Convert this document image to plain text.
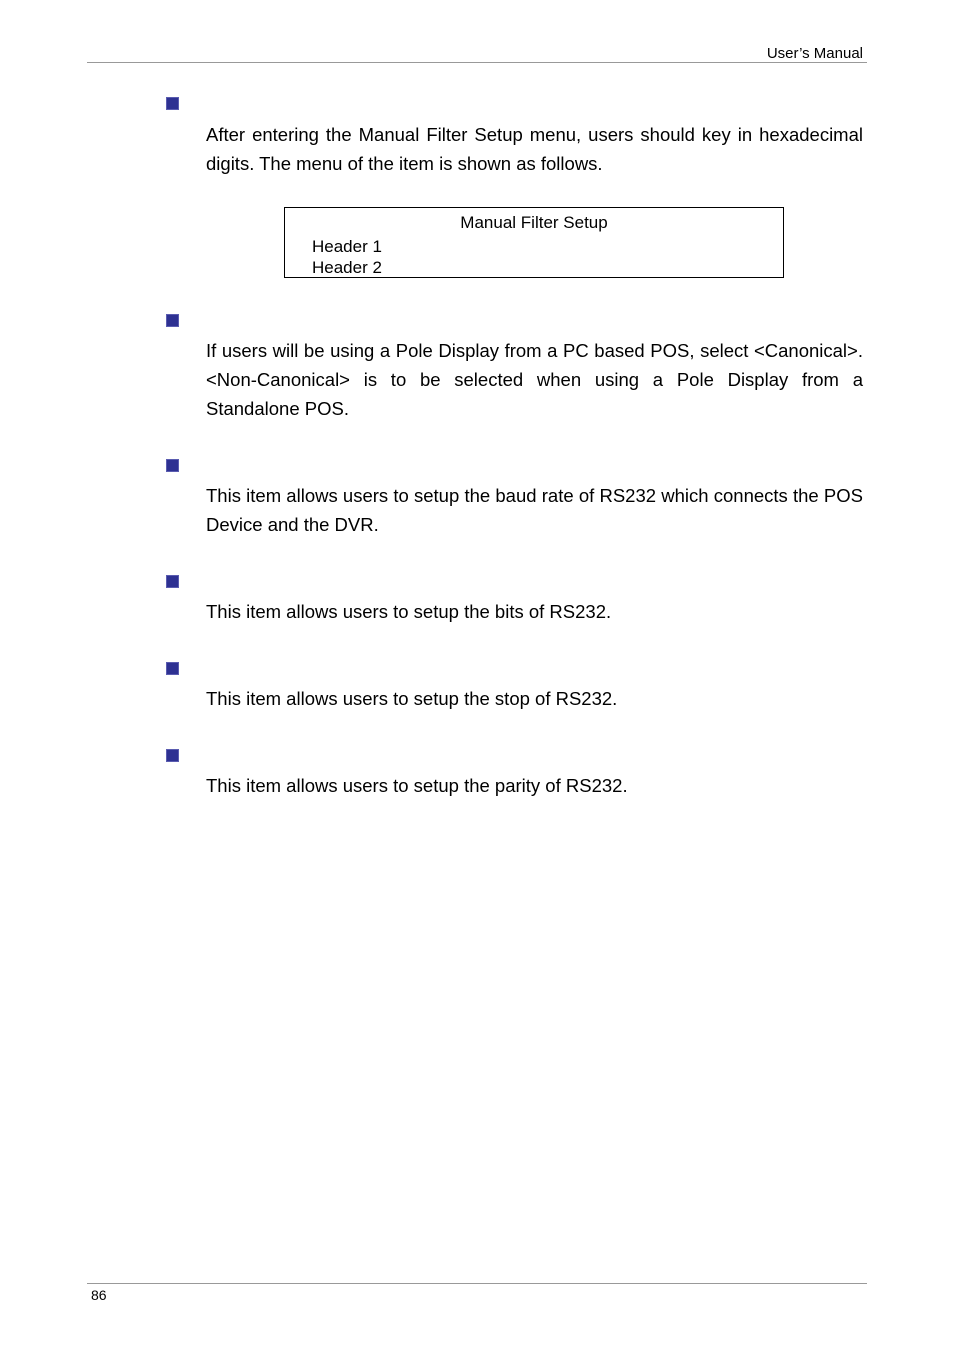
User’s Manual

After entering the Manual Filter Setup menu, users should key in hexadecimal digits. The menu of the item is shown as follows.

Manual Filter Setup
Header 1
Header 2

If users will be using a Pole Display from a PC based POS, select <Canonical>. <Non-Canonical> is to be selected when using a Pole Display from a Standalone POS.

This item allows users to setup the baud rate of RS232 which connects the POS Device and the DVR.

This item allows users to setup the bits of RS232.

This item allows users to setup the stop of RS232.

This item allows users to setup the parity of RS232.

86
